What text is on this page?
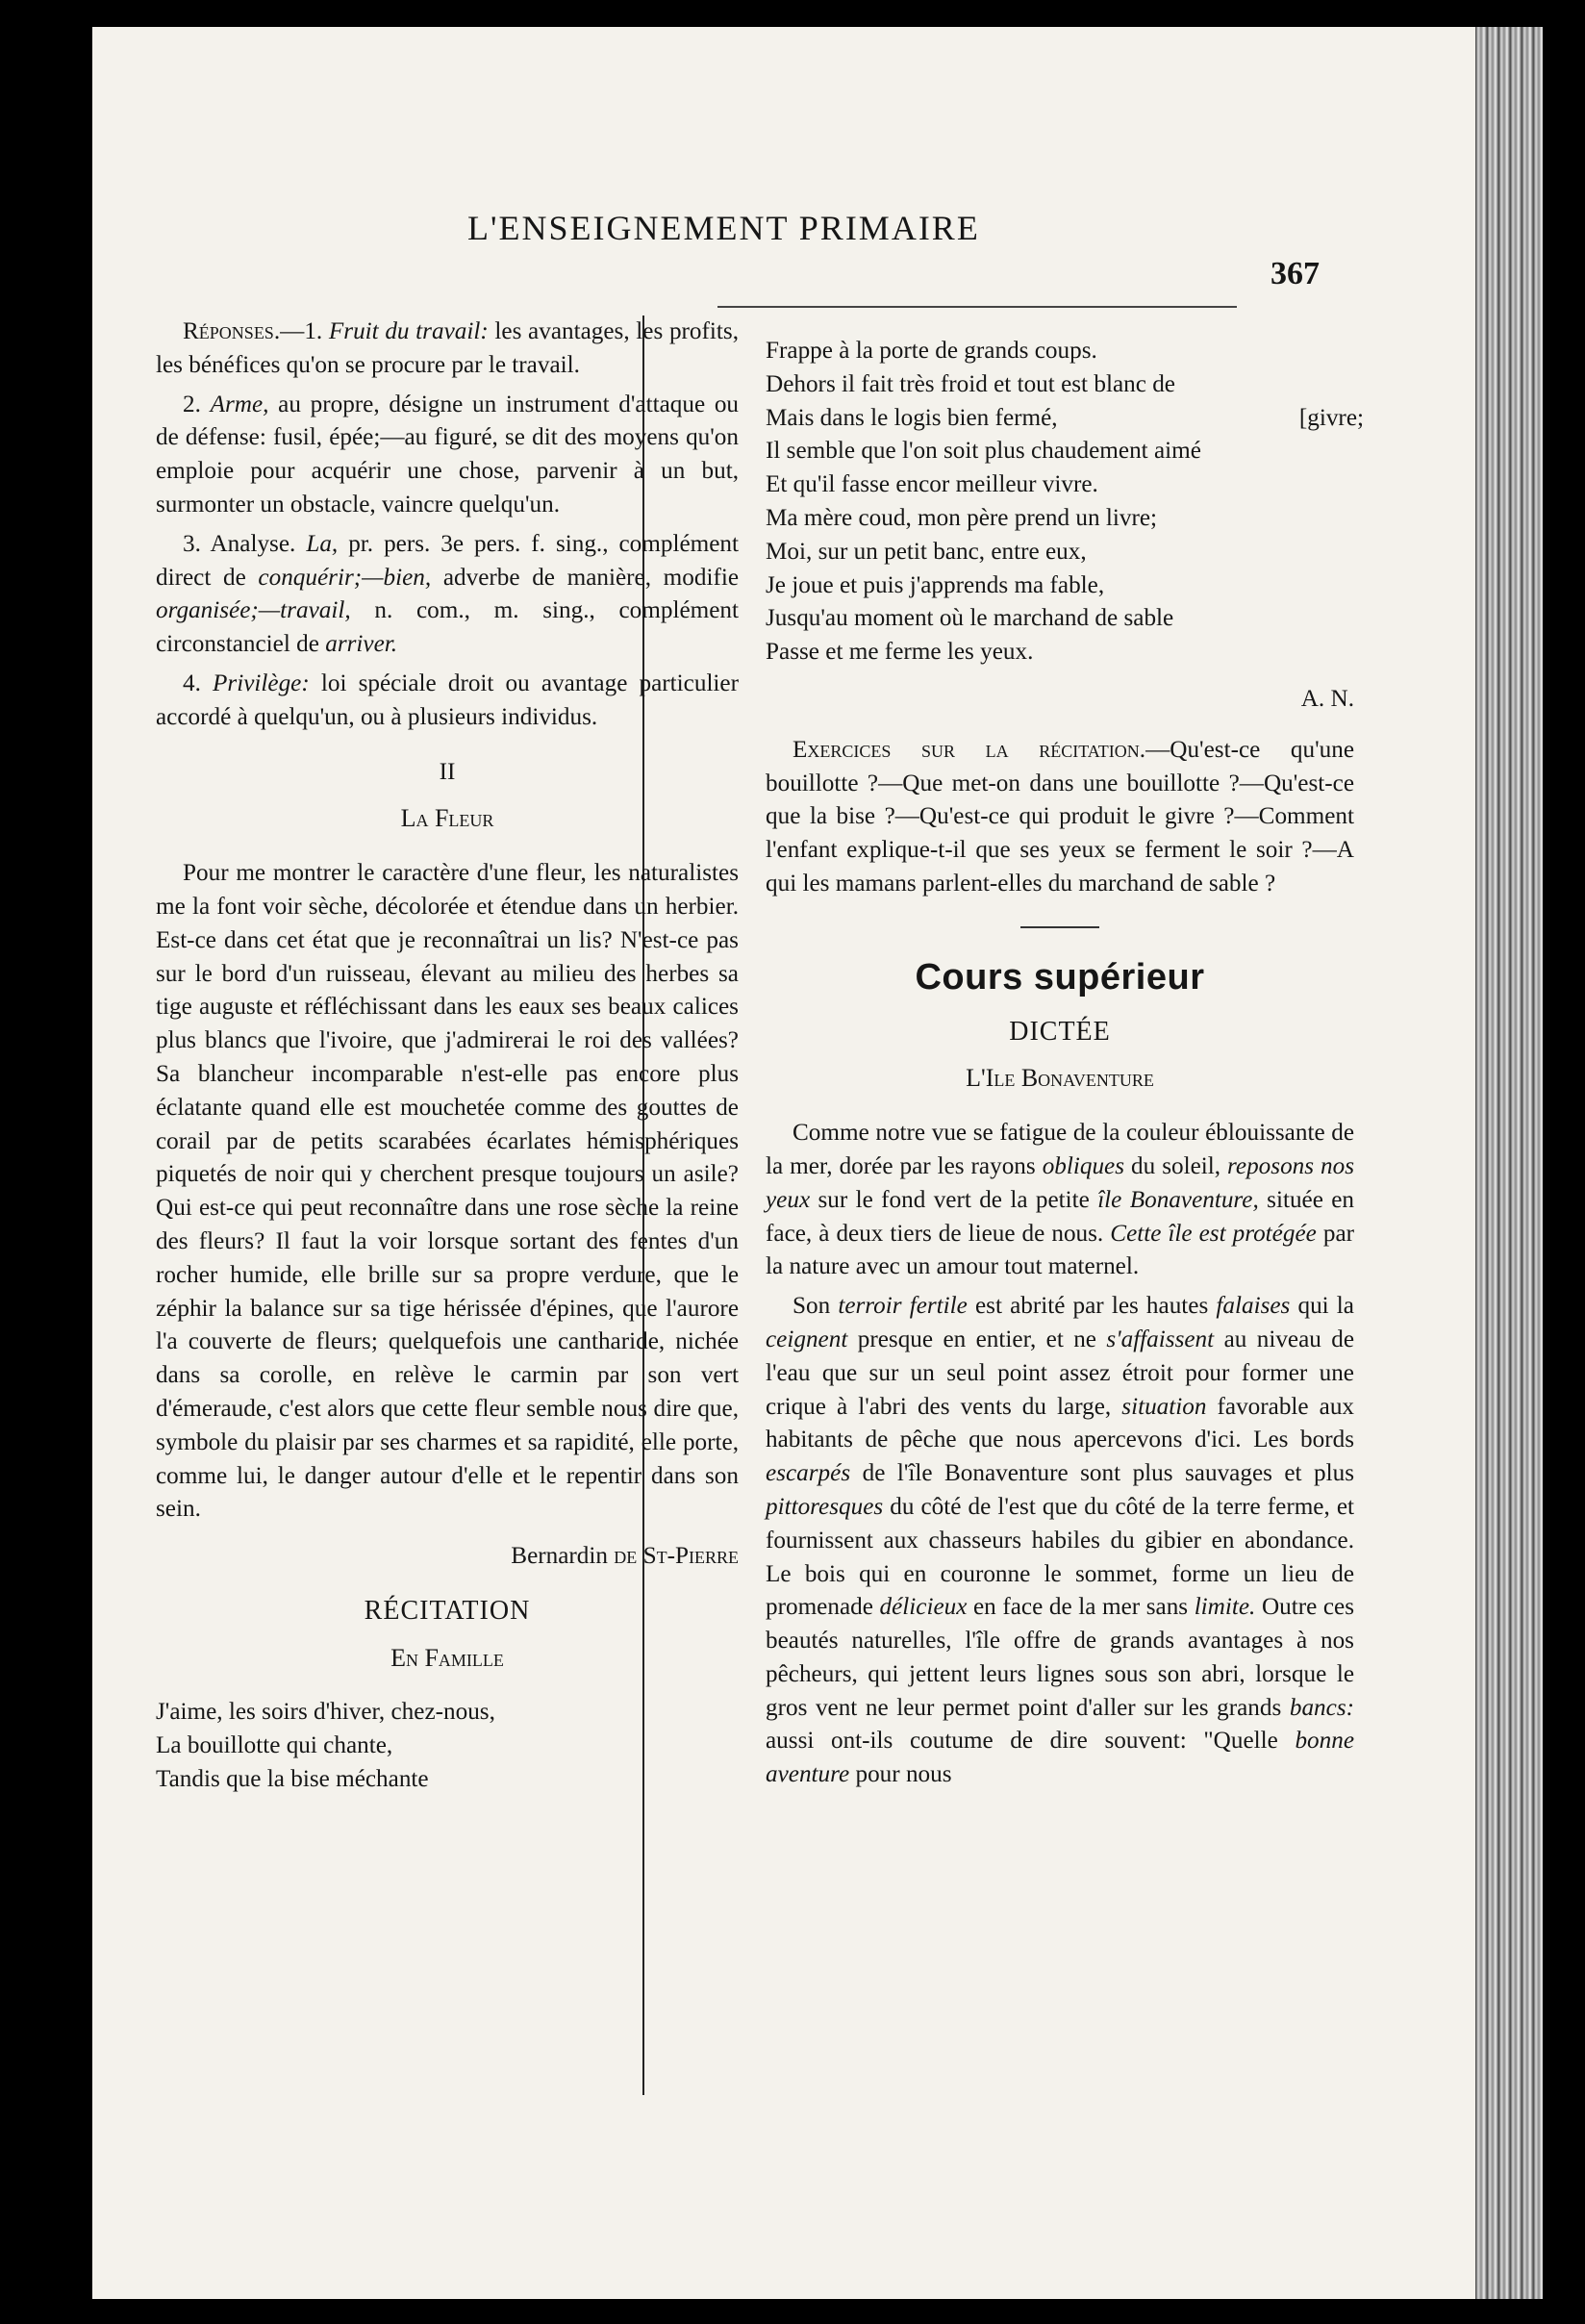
L'ENSEIGNEMENT PRIMAIRE
367

Réponses.—1. Fruit du travail: les avantages, les profits, les bénéfices qu'on se procure par le travail.

2. Arme, au propre, désigne un instrument d'attaque ou de défense: fusil, épée;—au figuré, se dit des moyens qu'on emploie pour acquérir une chose, parvenir à un but, surmonter un obstacle, vaincre quelqu'un.

3. Analyse. La, pr. pers. 3e pers. f. sing., complément direct de conquérir;—bien, adverbe de manière, modifie organisée;—travail, n. com., m. sing., complément circonstanciel de arriver.

4. Privilège: loi spéciale droit ou avantage particulier accordé à quelqu'un, ou à plusieurs individus.

II
La Fleur

Pour me montrer le caractère d'une fleur, les naturalistes me la font voir sèche, décolorée et étendue dans un herbier. Est-ce dans cet état que je reconnaîtrai un lis? N'est-ce pas sur le bord d'un ruisseau, élevant au milieu des herbes sa tige auguste et réfléchissant dans les eaux ses beaux calices plus blancs que l'ivoire, que j'admirerai le roi des vallées? Sa blancheur incomparable n'est-elle pas encore plus éclatante quand elle est mouchetée comme des gouttes de corail par de petits scarabées écarlates hémisphériques piquetés de noir qui y cherchent presque toujours un asile? Qui est-ce qui peut reconnaître dans une rose sèche la reine des fleurs? Il faut la voir lorsque sortant des fentes d'un rocher humide, elle brille sur sa propre verdure, que le zéphir la balance sur sa tige hérissée d'épines, que l'aurore l'a couverte de fleurs; quelquefois une cantharide, nichée dans sa corolle, en relève le carmin par son vert d'émeraude, c'est alors que cette fleur semble nous dire que, symbole du plaisir par ses charmes et sa rapidité, elle porte, comme lui, le danger autour d'elle et le repentir dans son sein.

Bernardin de St-Pierre
RÉCITATION
En Famille
J'aime, les soirs d'hiver, chez-nous,
La bouillotte qui chante,
Tandis que la bise méchante
Frappe à la porte de grands coups.
Dehors il fait très froid et tout est blanc de
Mais dans le logis bien fermé,	[givre;
Il semble que l'on soit plus chaudement aimé
Et qu'il fasse encor meilleur vivre.
Ma mère coud, mon père prend un livre;
Moi, sur un petit banc, entre eux,
Je joue et puis j'apprends ma fable,
Jusqu'au moment où le marchand de sable
Passe et me ferme les yeux.
A. N.

Exercices sur la récitation.—Qu'est-ce qu'une bouillotte ?—Que met-on dans une bouillotte ?—Qu'est-ce que la bise ?—Qu'est-ce qui produit le givre ?—Comment l'enfant explique-t-il que ses yeux se ferment le soir ?—A qui les mamans parlent-elles du marchand de sable ?

Cours supérieur
DICTÉE
L'Ile Bonaventure

Comme notre vue se fatigue de la couleur éblouissante de la mer, dorée par les rayons obliques du soleil, reposons nos yeux sur le fond vert de la petite île Bonaventure, située en face, à deux tiers de lieue de nous. Cette île est protégée par la nature avec un amour tout maternel.

Son terroir fertile est abrité par les hautes falaises qui la ceignent presque en entier, et ne s'affaissent au niveau de l'eau que sur un seul point assez étroit pour former une crique à l'abri des vents du large, situation favorable aux habitants de pêche que nous apercevons d'ici. Les bords escarpés de l'île Bonaventure sont plus sauvages et plus pittoresques du côté de l'est que du côté de la terre ferme, et fournissent aux chasseurs habiles du gibier en abondance. Le bois qui en couronne le sommet, forme un lieu de promenade délicieux en face de la mer sans limite. Outre ces beautés naturelles, l'île offre de grands avantages à nos pêcheurs, qui jettent leurs lignes sous son abri, lorsque le gros vent ne leur permet point d'aller sur les grands bancs: aussi ont-ils coutume de dire souvent: "Quelle bonne aventure pour nous
